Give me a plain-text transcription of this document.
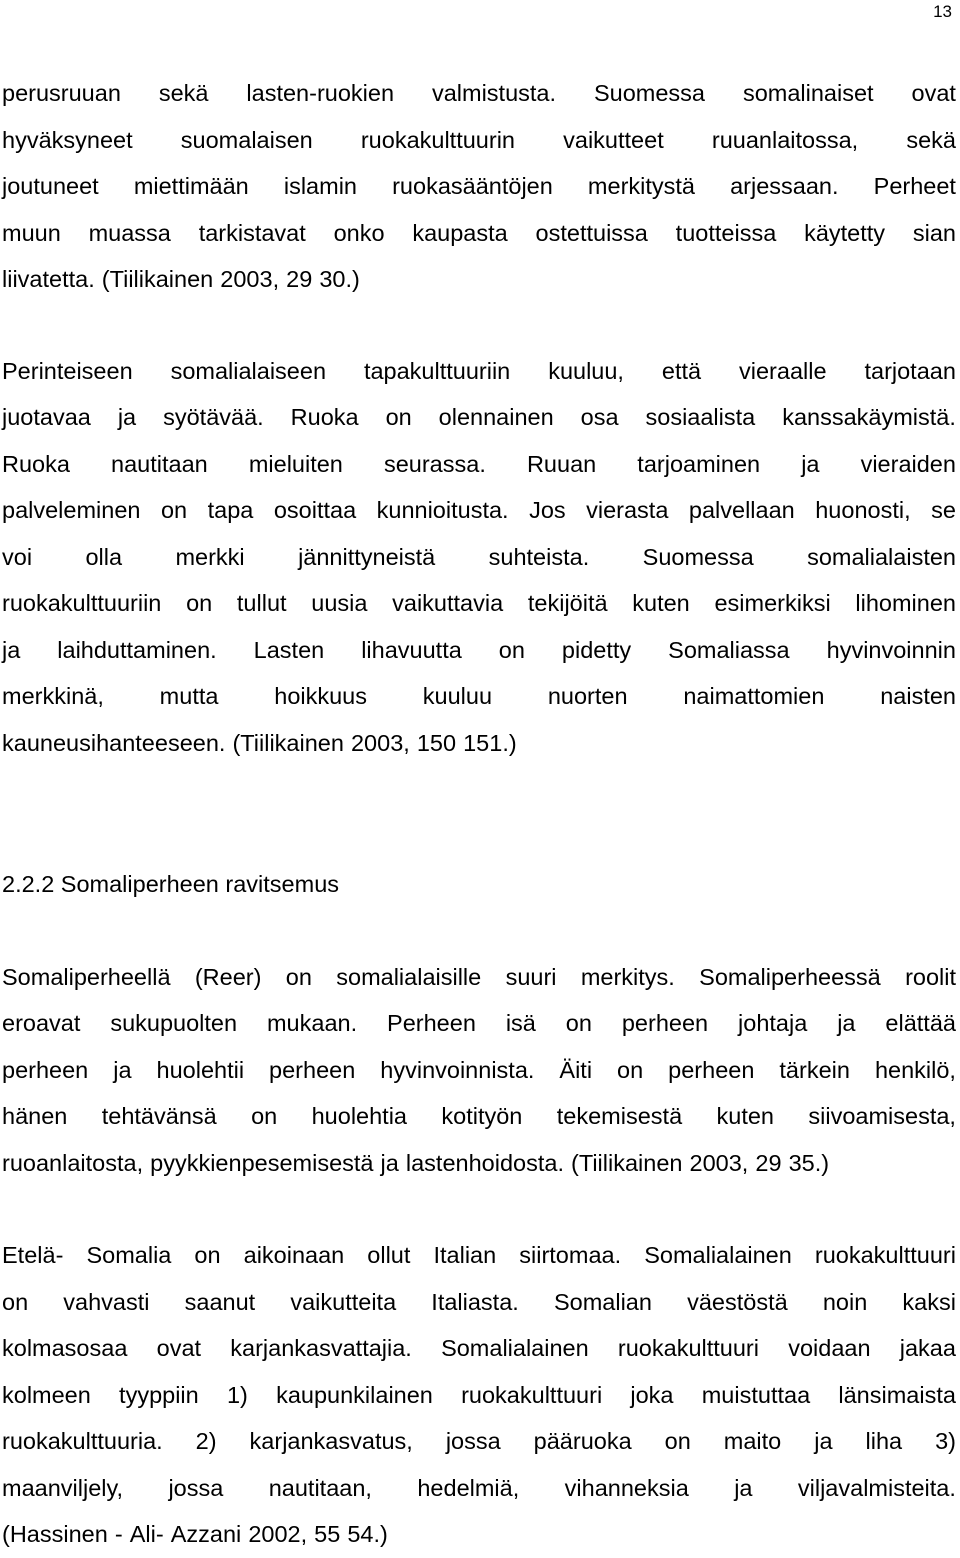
13
perusruuan sekä lasten-ruokien valmistusta. Suomessa somalinaiset ovat
hyväksyneet suomalaisen ruokakulttuurin vaikutteet ruuanlaitossa, sekä
joutuneet miettimään islamin ruokasääntöjen merkitystä arjessaan. Perheet
muun muassa tarkistavat onko kaupasta ostettuissa tuotteissa käytetty sian
liivatetta. (Tiilikainen 2003, 29 30.)
Perinteiseen somalialaiseen tapakulttuuriin kuuluu, että vieraalle tarjotaan
juotavaa ja syötävää. Ruoka on olennainen osa sosiaalista kanssakäymistä.
Ruoka nautitaan mieluiten seurassa. Ruuan tarjoaminen ja vieraiden
palveleminen on tapa osoittaa kunnioitusta. Jos vierasta palvellaan huonosti, se
voi olla merkki jännittyneistä suhteista. Suomessa somalialaisten
ruokakulttuuriin on tullut uusia vaikuttavia tekijöitä kuten esimerkiksi lihominen
ja laihduttaminen. Lasten lihavuutta on pidetty Somaliassa hyvinvoinnin
merkkinä, mutta hoikkuus kuuluu nuorten naimattomien naisten
kauneusihanteeseen. (Tiilikainen 2003, 150 151.)
2.2.2 Somaliperheen ravitsemus
Somaliperheellä (Reer) on somalialaisille suuri merkitys. Somaliperheessä roolit
eroavat sukupuolten mukaan. Perheen isä on perheen johtaja ja elättää
perheen ja huolehtii perheen hyvinvoinnista. Äiti on perheen tärkein henkilö,
hänen tehtävänsä on huolehtia kotityön tekemisestä kuten siivoamisesta,
ruoanlaitosta, pyykkienpesemisestä ja lastenhoidosta. (Tiilikainen 2003, 29 35.)
Etelä- Somalia on aikoinaan ollut Italian siirtomaa. Somalialainen ruokakulttuuri
on vahvasti saanut vaikutteita Italiasta. Somalian väestöstä noin kaksi
kolmasosaa ovat karjankasvattajia. Somalialainen ruokakulttuuri voidaan jakaa
kolmeen tyyppiin 1) kaupunkilainen ruokakulttuuri joka muistuttaa länsimaista
ruokakulttuuria. 2) karjankasvatus, jossa pääruoka on maito ja liha 3)
maanviljely, jossa nautitaan, hedelmiä, vihanneksia ja viljavalmisteita.
(Hassinen - Ali- Azzani 2002, 55 54.)
